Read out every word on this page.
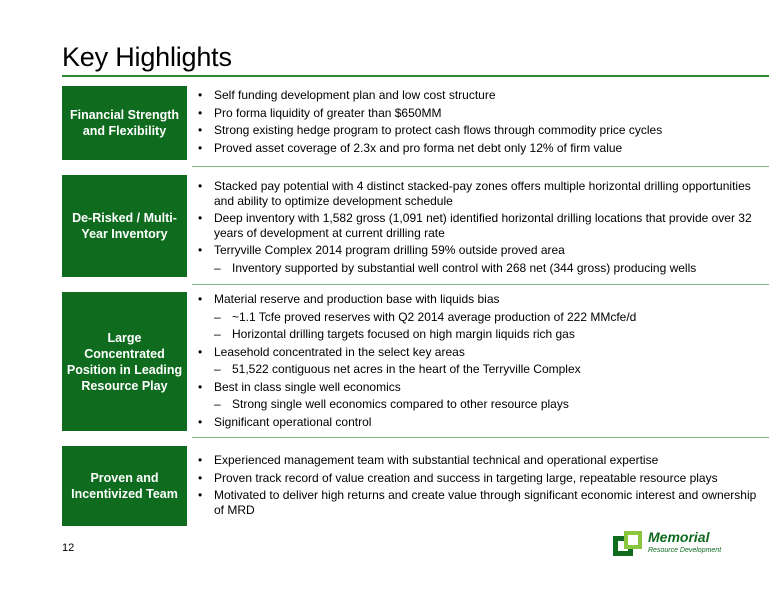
Key Highlights
Financial Strength and Flexibility
• Self funding development plan and low cost structure
• Pro forma liquidity of greater than $650MM
• Strong existing hedge program to protect cash flows through commodity price cycles
• Proved asset coverage of 2.3x and pro forma net debt only 12% of firm value
De-Risked / Multi-Year Inventory
• Stacked pay potential with 4 distinct stacked-pay zones offers multiple horizontal drilling opportunities and ability to optimize development schedule
• Deep inventory with 1,582 gross (1,091 net) identified horizontal drilling locations that provide over 32 years of development at current drilling rate
• Terryville Complex 2014 program drilling 59% outside proved area
– Inventory supported by substantial well control with 268 net (344 gross) producing wells
Large Concentrated Position in Leading Resource Play
• Material reserve and production base with liquids bias
– ~1.1 Tcfe proved reserves with Q2 2014 average production of 222 MMcfe/d
– Horizontal drilling targets focused on high margin liquids rich gas
• Leasehold concentrated in the select key areas
– 51,522 contiguous net acres in the heart of the Terryville Complex
• Best in class single well economics
– Strong single well economics compared to other resource plays
• Significant operational control
Proven and Incentivized Team
• Experienced management team with substantial technical and operational expertise
• Proven track record of value creation and success in targeting large, repeatable resource plays
• Motivated to deliver high returns and create value through significant economic interest and ownership of MRD
12
Memorial
Resource Development
